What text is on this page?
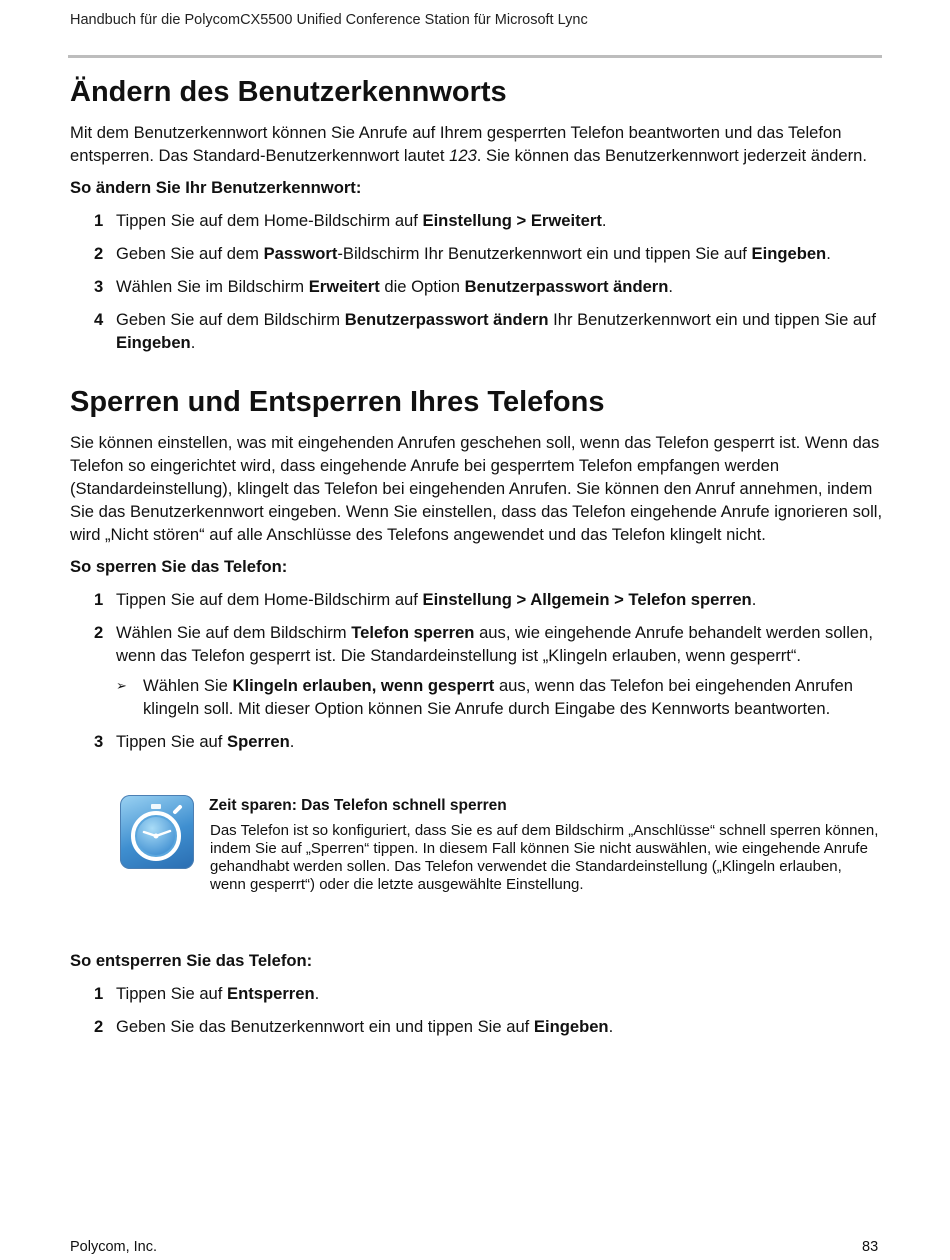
Handbuch für die PolycomCX5500 Unified Conference Station für Microsoft Lync
Ändern des Benutzerkennworts

Mit dem Benutzerkennwort können Sie Anrufe auf Ihrem gesperrten Telefon beantworten und das Telefon entsperren. Das Standard-Benutzerkennwort lautet 123. Sie können das Benutzerkennwort jederzeit ändern.

So ändern Sie Ihr Benutzerkennwort:

1 Tippen Sie auf dem Home-Bildschirm auf Einstellung > Erweitert.
2 Geben Sie auf dem Passwort-Bildschirm Ihr Benutzerkennwort ein und tippen Sie auf Eingeben.
3 Wählen Sie im Bildschirm Erweitert die Option Benutzerpasswort ändern.
4 Geben Sie auf dem Bildschirm Benutzerpasswort ändern Ihr Benutzerkennwort ein und tippen Sie auf Eingeben.
Sperren und Entsperren Ihres Telefons

Sie können einstellen, was mit eingehenden Anrufen geschehen soll, wenn das Telefon gesperrt ist. Wenn das Telefon so eingerichtet wird, dass eingehende Anrufe bei gesperrtem Telefon empfangen werden (Standardeinstellung), klingelt das Telefon bei eingehenden Anrufen. Sie können den Anruf annehmen, indem Sie das Benutzerkennwort eingeben. Wenn Sie einstellen, dass das Telefon eingehende Anrufe ignorieren soll, wird „Nicht stören“ auf alle Anschlüsse des Telefons angewendet und das Telefon klingelt nicht.

So sperren Sie das Telefon:

1 Tippen Sie auf dem Home-Bildschirm auf Einstellung > Allgemein > Telefon sperren.
2 Wählen Sie auf dem Bildschirm Telefon sperren aus, wie eingehende Anrufe behandelt werden sollen, wenn das Telefon gesperrt ist. Die Standardeinstellung ist „Klingeln erlauben, wenn gesperrt“.
➢ Wählen Sie Klingeln erlauben, wenn gesperrt aus, wenn das Telefon bei eingehenden Anrufen klingeln soll. Mit dieser Option können Sie Anrufe durch Eingabe des Kennworts beantworten.
3 Tippen Sie auf Sperren.
Zeit sparen: Das Telefon schnell sperren
Das Telefon ist so konfiguriert, dass Sie es auf dem Bildschirm „Anschlüsse“ schnell sperren können, indem Sie auf „Sperren“ tippen. In diesem Fall können Sie nicht auswählen, wie eingehende Anrufe gehandhabt werden sollen. Das Telefon verwendet die Standardeinstellung („Klingeln erlauben, wenn gesperrt“) oder die letzte ausgewählte Einstellung.

So entsperren Sie das Telefon:

1 Tippen Sie auf Entsperren.
2 Geben Sie das Benutzerkennwort ein und tippen Sie auf Eingeben.
Polycom, Inc.	83
